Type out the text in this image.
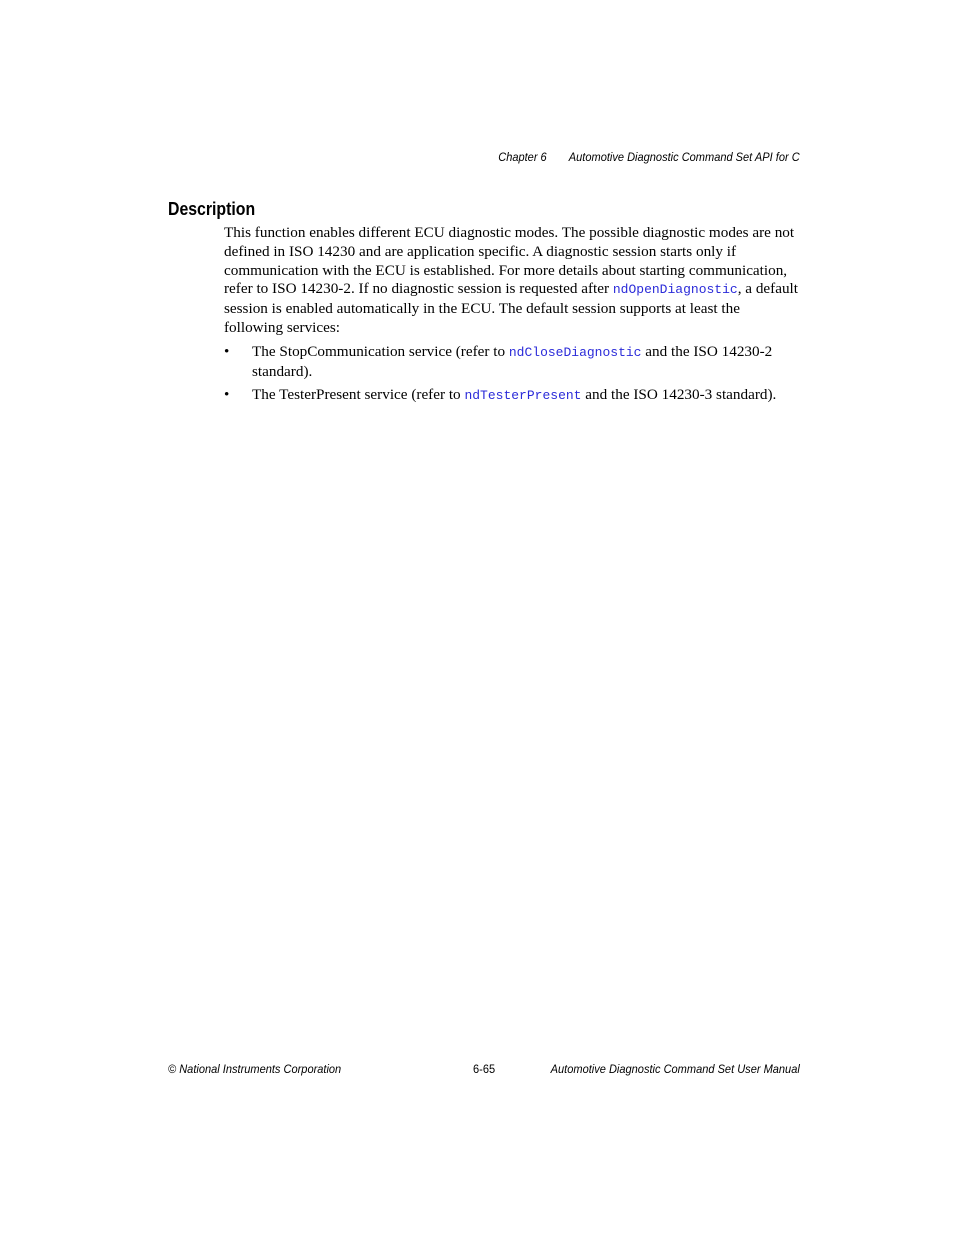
Chapter 6 Automotive Diagnostic Command Set API for C
Description

This function enables different ECU diagnostic modes. The possible diagnostic modes are not defined in ISO 14230 and are application specific. A diagnostic session starts only if communication with the ECU is established. For more details about starting communication, refer to ISO 14230-2. If no diagnostic session is requested after ndOpenDiagnostic, a default session is enabled automatically in the ECU. The default session supports at least the following services:

• The StopCommunication service (refer to ndCloseDiagnostic and the ISO 14230-2 standard).
• The TesterPresent service (refer to ndTesterPresent and the ISO 14230-3 standard).
© National Instruments Corporation	6-65	Automotive Diagnostic Command Set User Manual
